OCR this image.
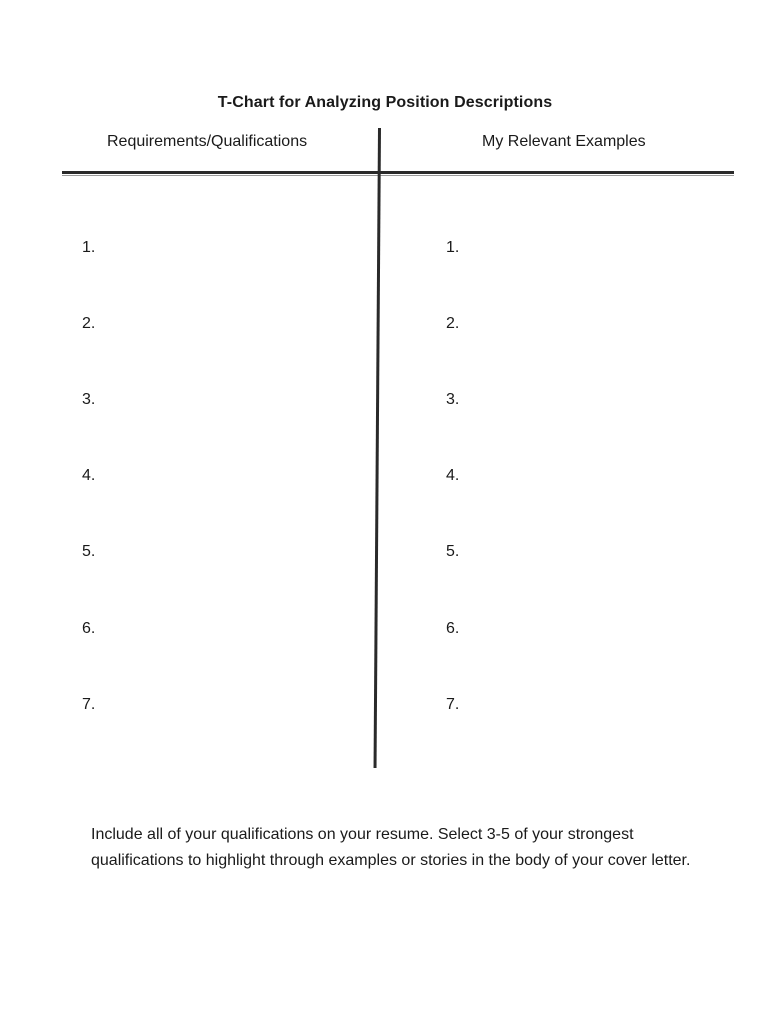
T-Chart for Analyzing Position Descriptions
Requirements/Qualifications	My Relevant Examples
1.
2.
3.
4.
5.
6.
7.
1.
2.
3.
4.
5.
6.
7.
Include all of your qualifications on your resume. Select 3-5 of your strongest qualifications to highlight through examples or stories in the body of your cover letter.
